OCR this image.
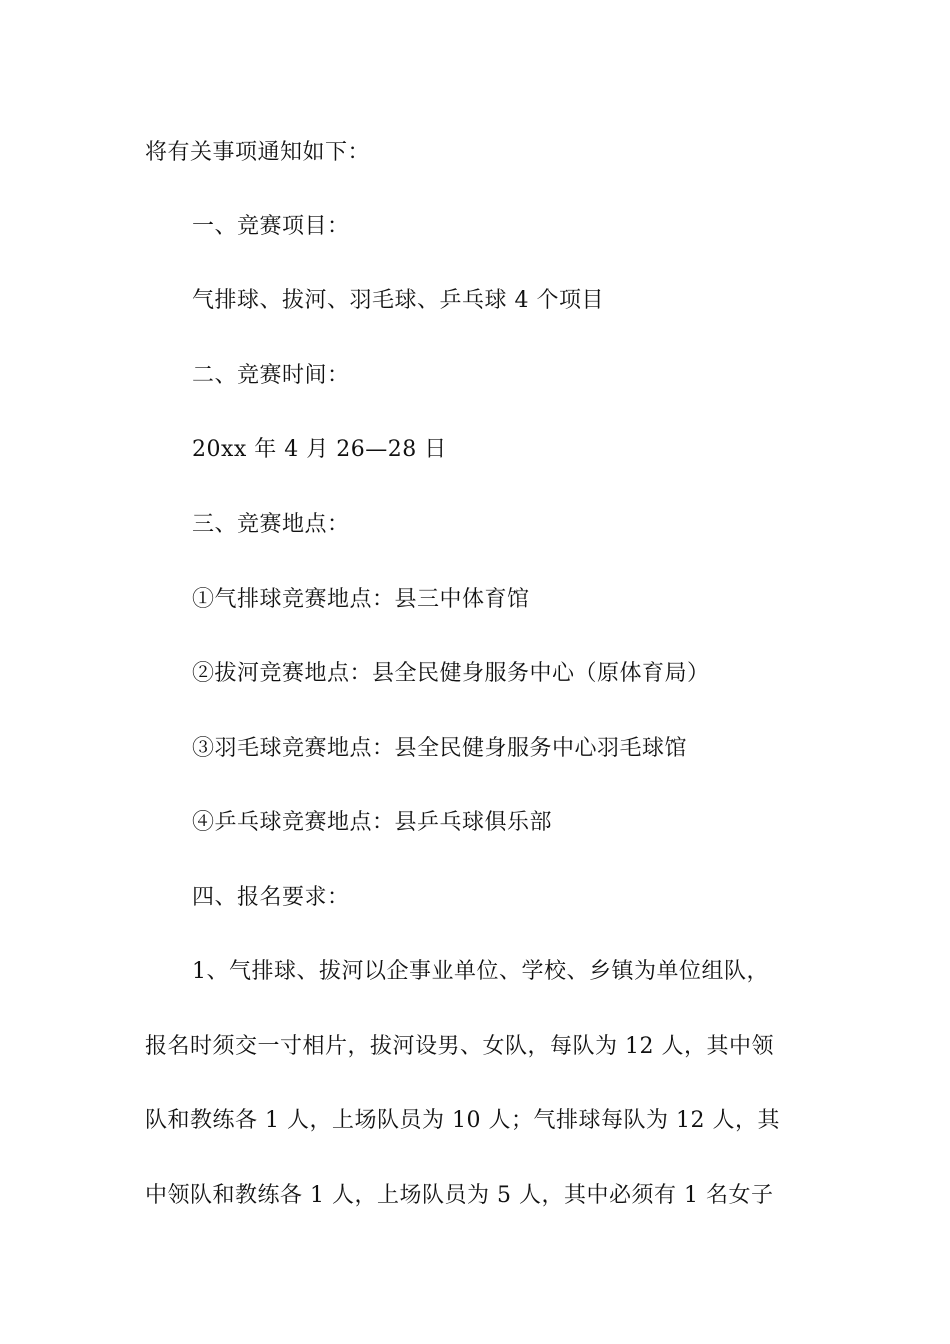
将有关事项通知如下：
一、竞赛项目：
气排球、拔河、羽毛球、乒乓球 4 个项目
二、竞赛时间：
20xx 年 4 月 26—28 日
三、竞赛地点：
①气排球竞赛地点：县三中体育馆
②拔河竞赛地点：县全民健身服务中心（原体育局）
③羽毛球竞赛地点：县全民健身服务中心羽毛球馆
④乒乓球竞赛地点：县乒乓球俱乐部
四、报名要求：
1、气排球、拔河以企事业单位、学校、乡镇为单位组队，
报名时须交一寸相片，拔河设男、女队，每队为 12 人，其中领
队和教练各 1 人，上场队员为 10 人；气排球每队为 12 人，其
中领队和教练各 1 人，上场队员为 5 人，其中必须有 1 名女子
